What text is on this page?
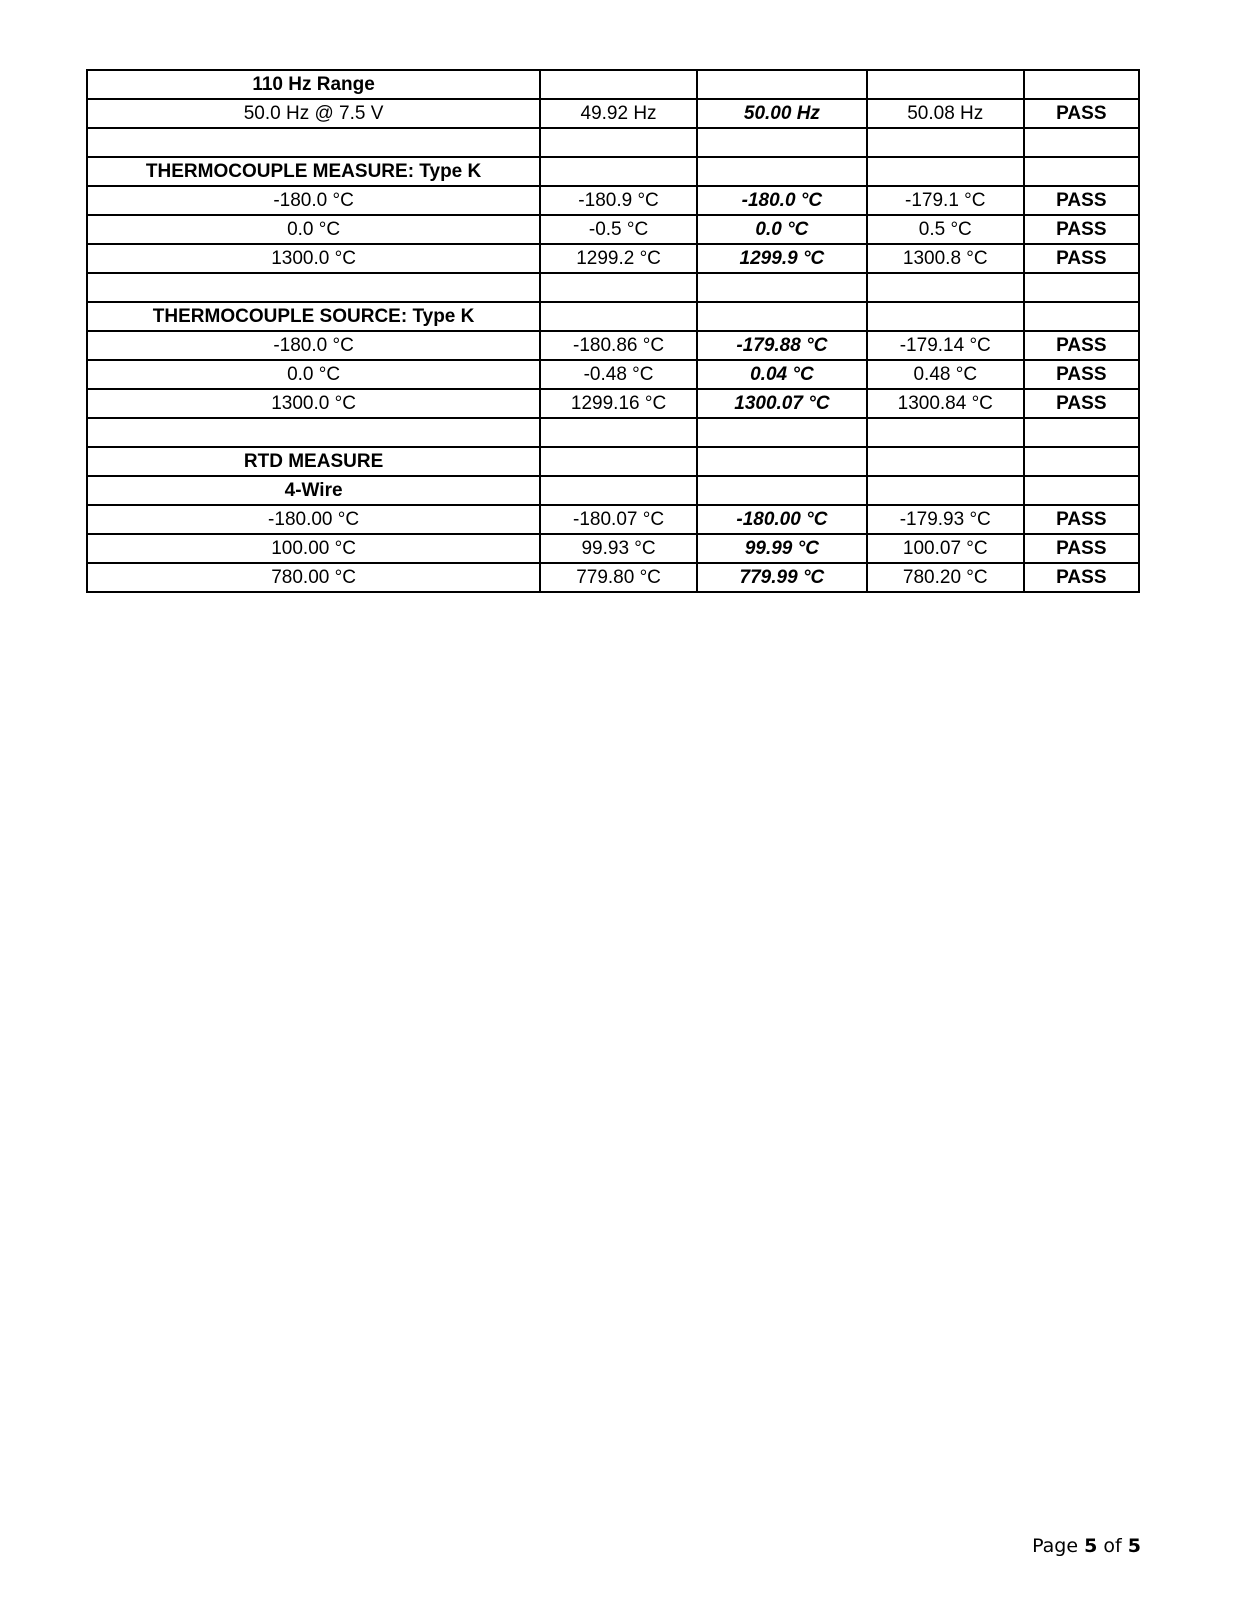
110 Hz Range				
50.0 Hz @ 7.5 V	49.92 Hz	50.00 Hz	50.08 Hz	PASS

THERMOCOUPLE MEASURE: Type K				
-180.0 °C	-180.9 °C	-180.0 °C	-179.1 °C	PASS
0.0 °C	-0.5 °C	0.0 °C	0.5 °C	PASS
1300.0 °C	1299.2 °C	1299.9 °C	1300.8 °C	PASS

THERMOCOUPLE SOURCE: Type K				
-180.0 °C	-180.86 °C	-179.88 °C	-179.14 °C	PASS
0.0 °C	-0.48 °C	0.04 °C	0.48 °C	PASS
1300.0 °C	1299.16 °C	1300.07 °C	1300.84 °C	PASS

RTD MEASURE				
4-Wire				
-180.00 °C	-180.07 °C	-180.00 °C	-179.93 °C	PASS
100.00 °C	99.93 °C	99.99 °C	100.07 °C	PASS
780.00 °C	779.80 °C	779.99 °C	780.20 °C	PASS
Page 5 of 5
